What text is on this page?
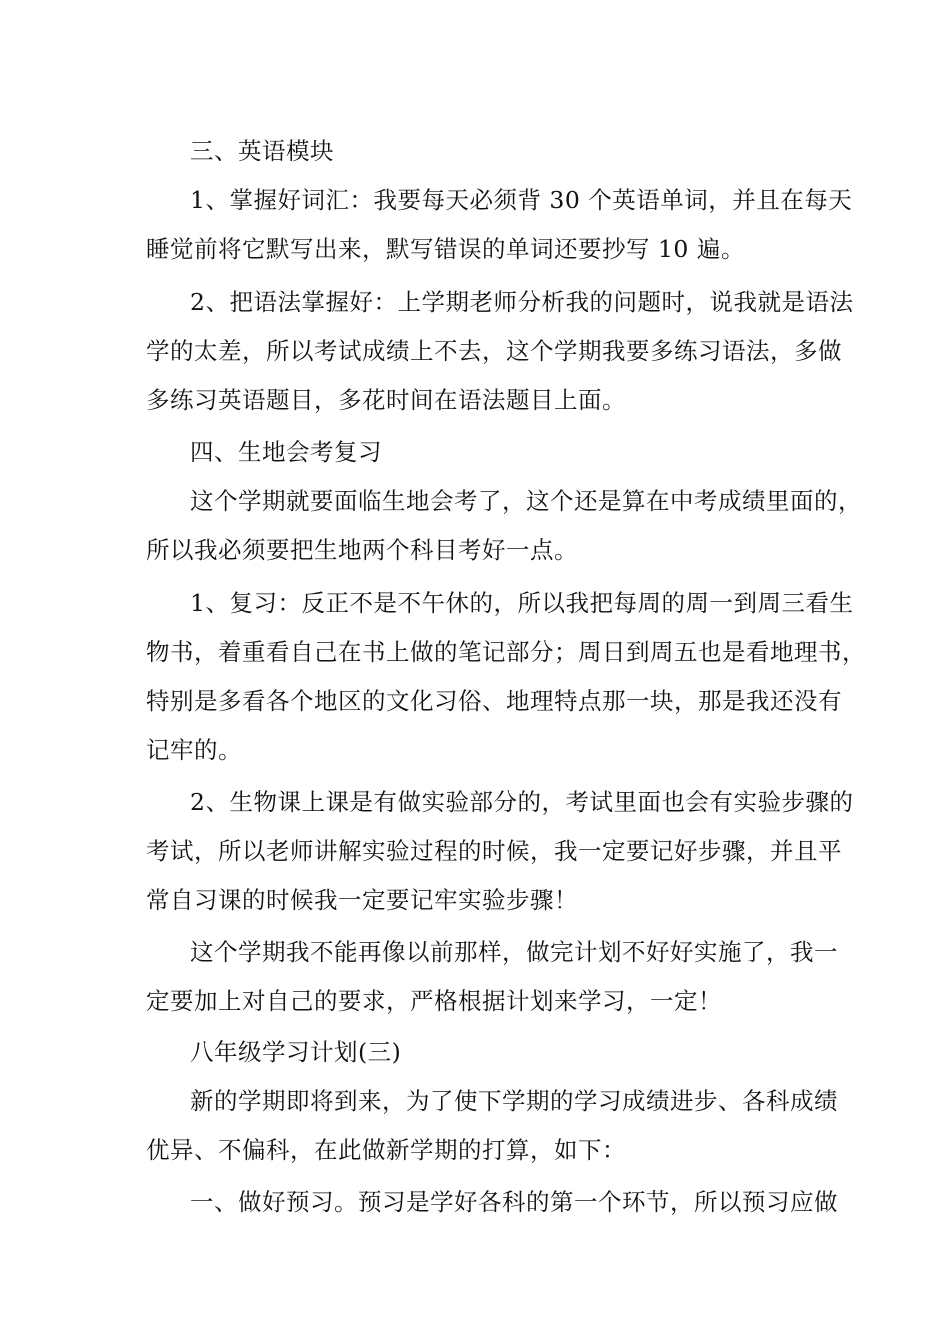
三、英语模块
1、掌握好词汇：我要每天必须背 30 个英语单词，并且在每天
睡觉前将它默写出来，默写错误的单词还要抄写 10 遍。
2、把语法掌握好：上学期老师分析我的问题时，说我就是语法
学的太差，所以考试成绩上不去，这个学期我要多练习语法，多做
多练习英语题目，多花时间在语法题目上面。
四、生地会考复习
这个学期就要面临生地会考了，这个还是算在中考成绩里面的，
所以我必须要把生地两个科目考好一点。
1、复习：反正不是不午休的，所以我把每周的周一到周三看生
物书，着重看自己在书上做的笔记部分；周日到周五也是看地理书，
特别是多看各个地区的文化习俗、地理特点那一块，那是我还没有
记牢的。
2、生物课上课是有做实验部分的，考试里面也会有实验步骤的
考试，所以老师讲解实验过程的时候，我一定要记好步骤，并且平
常自习课的时候我一定要记牢实验步骤！
这个学期我不能再像以前那样，做完计划不好好实施了，我一
定要加上对自己的要求，严格根据计划来学习，一定！
八年级学习计划(三)
新的学期即将到来，为了使下学期的学习成绩进步、各科成绩
优异、不偏科，在此做新学期的打算，如下：
一、做好预习。预习是学好各科的第一个环节，所以预习应做
